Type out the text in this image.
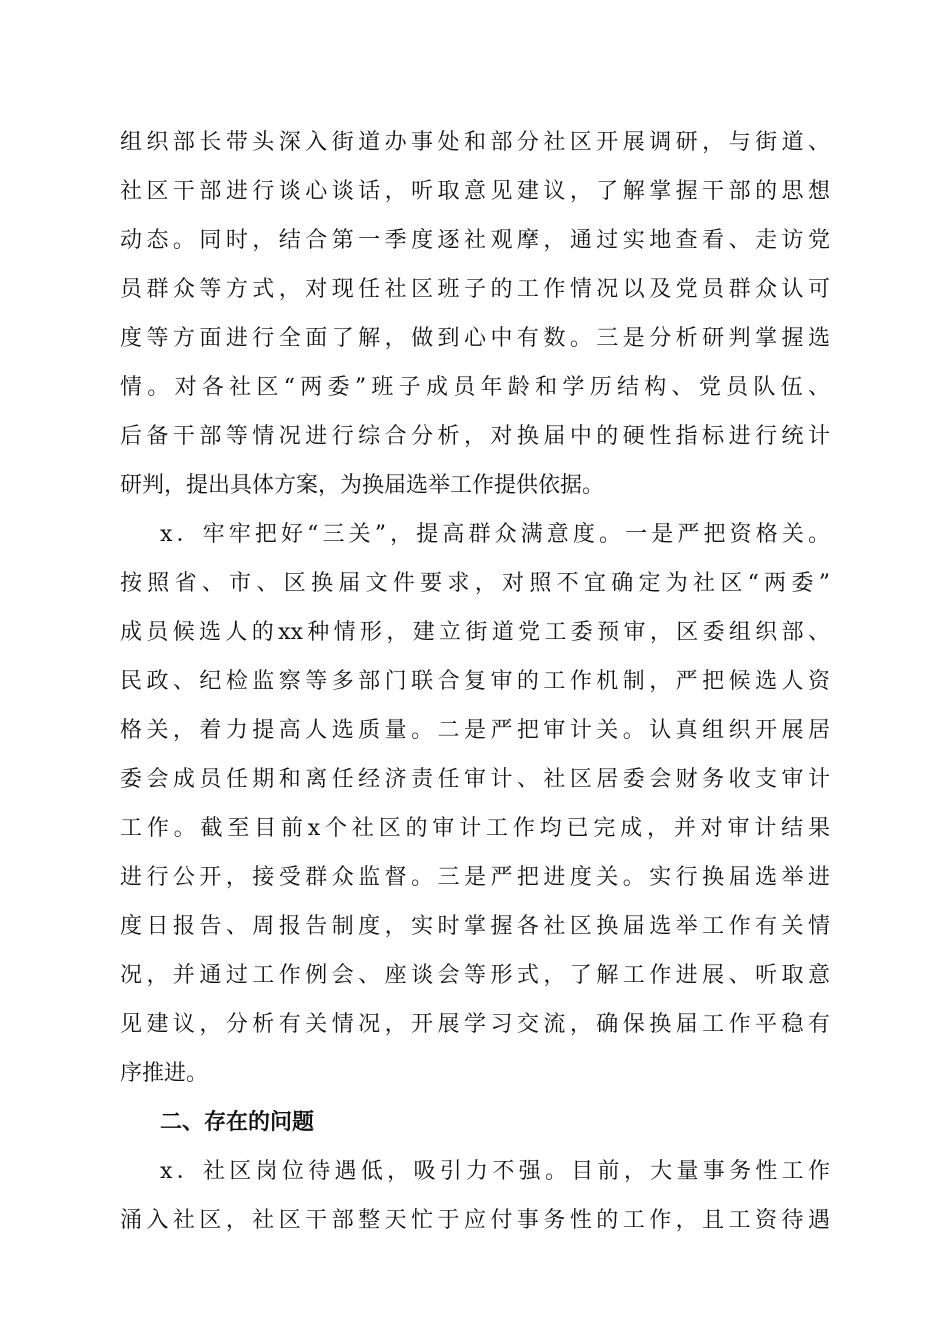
组织部长带头深入街道办事处和部分社区开展调研，与街道、
社区干部进行谈心谈话，听取意见建议，了解掌握干部的思想
动态。同时，结合第一季度逐社观摩，通过实地查看、走访党
员群众等方式，对现任社区班子的工作情况以及党员群众认可
度等方面进行全面了解，做到心中有数。三是分析研判掌握选
情。对各社区“两委”班子成员年龄和学历结构、党员队伍、
后备干部等情况进行综合分析，对换届中的硬性指标进行统计
研判，提出具体方案，为换届选举工作提供依据。
x．牢牢把好“三关”，提高群众满意度。一是严把资格关。
按照省、市、区换届文件要求，对照不宜确定为社区“两委”
成员候选人的xx种情形，建立街道党工委预审，区委组织部、
民政、纪检监察等多部门联合复审的工作机制，严把候选人资
格关，着力提高人选质量。二是严把审计关。认真组织开展居
委会成员任期和离任经济责任审计、社区居委会财务收支审计
工作。截至目前x个社区的审计工作均已完成，并对审计结果
进行公开，接受群众监督。三是严把进度关。实行换届选举进
度日报告、周报告制度，实时掌握各社区换届选举工作有关情
况，并通过工作例会、座谈会等形式，了解工作进展、听取意
见建议，分析有关情况，开展学习交流，确保换届工作平稳有
序推进。
二、存在的问题
x．社区岗位待遇低，吸引力不强。目前，大量事务性工作
涌入社区，社区干部整天忙于应付事务性的工作，且工资待遇
